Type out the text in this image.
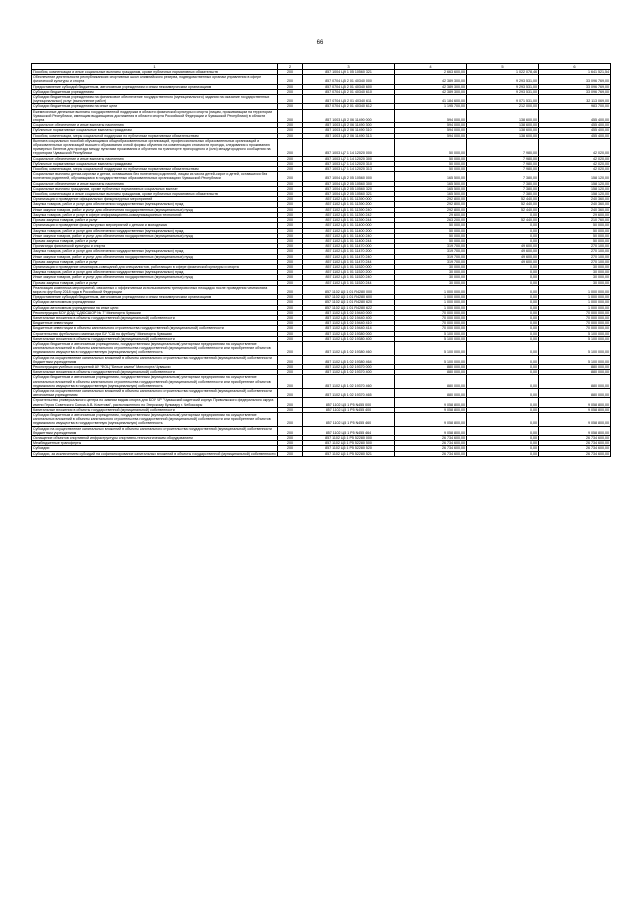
66
1	2	3	4	5	6
Пособия, компенсации и иные социальные выплаты гражданам, кроме публичных нормативных обязательств	200	857 1004 Ц9 1 05 10560 321	2 663 600,00	1 022 078,46	1 641 521,54
Обеспечение деятельности республиканских спортивных школ олимпийского резерва, подведомственных органам управления в сфере физической культуры и спорта	200	857 0704 Ц5 2 01 40340 000	42 389 300,00	9 293 531,00	33 096 769,00
Предоставление субсидий бюджетным, автономным учреждениям и иным некоммерческим организациям	200	857 0704 Ц5 2 01 40340 600	42 389 300,00	9 293 531,00	33 096 769,00
Субсидии бюджетным учреждениям	200	857 0704 Ц5 2 01 40340 610	42 389 300,00	9 293 531,00	33 096 769,00
Субсидии бюджетным учреждениям на финансовое обеспечение государственного (муниципального) задания на оказание государственных (муниципальных) услуг (выполнение работ)	200	857 0704 Ц5 2 01 40340 611	41 184 600,00	9 071 531,00	32 113 069,00
Субсидии бюджетным учреждениям на иные цели	200	857 0704 Ц5 2 01 40340 612	1 195 700,00	212 000,00	983 700,00
Ежемесячные денежные выплаты государственной поддержки в области физической культуры и спорта (лицам, проживающим на территории Чувашской Республики, имеющим выдающиеся достижения в области спорта Российской Федерации и Чувашской Республики) в области спорта	200	857 1003 Ц5 2 06 11490 000	594 000,00	138 600,00	455 400,00
Социальное обеспечение и иные выплаты населению	200	857 1003 Ц5 2 06 11490 300	594 000,00	138 600,00	455 400,00
Публичные нормативные социальные выплаты гражданам	200	857 1003 Ц5 2 06 11490 310	594 000,00	138 600,00	455 400,00
Пособия, компенсации, меры социальной поддержки по публичным нормативным обязательствам	200	857 1003 Ц5 2 06 11490 313	594 000,00	138 600,00	455 400,00
Выплата социальных пособий обучающимся общеобразовательных организаций, профессиональных образовательных организаций и образовательных организаций высшего образования очной формы обучения на компенсацию стоимости проезда, следования к проживанию примерных билетов для проезда между пунктами проживания и обучения на транспорте пригородного и (или) междугородного сообщения на территории Чувашской Республики	200	857 1003 Ц7 1 14 12020 000	50 000,00	7 980,00	42 020,00
Социальное обеспечение и иные выплаты населению	200	857 1003 Ц7 1 14 12020 300	50 000,00	7 980,00	42 020,00
Публичные нормативные социальные выплаты гражданам	200	857 1003 Ц7 1 14 12020 310	50 000,00	7 980,00	42 020,00
Пособия, компенсации, меры социальной поддержки по публичным нормативным обязательствам	200	857 1003 Ц7 1 14 12020 313	50 000,00	7 980,00	42 020,00
Социальные выплаты детям-сиротам и детям, оставшимся без попечения родителей, лицам из числа детей-сирот и детей, оставшихся без попечения родителей, обучающимся в государственных образовательных организациях Чувашской Республики	200	857 1004 Ц5 2 05 10560 000	165 500,00	7 380,00	158 120,00
Социальное обеспечение и иные выплаты населению	200	857 1004 Ц5 2 05 10560 300	165 500,00	7 380,00	158 120,00
Социальные выплаты гражданам, кроме публичных нормативных социальных выплат	200	857 1004 Ц5 2 05 10560 320	165 500,00	7 380,00	158 120,00
Пособия, компенсации и иные социальные выплаты гражданам, кроме публичных нормативных обязательств	200	857 1004 Ц5 2 05 10560 321	165 500,00	7 380,00	158 120,00
Организация и проведение официальных физкультурных мероприятий	200	857 1102 Ц5 1 01 11390 000	292 800,00	52 440,00	240 360,00
Закупка товаров, работ и услуг для обеспечения государственных (муниципальных) нужд	200	857 1102 Ц5 1 01 11390 200	292 800,00	52 440,00	240 360,00
Иные закупки товаров, работ и услуг для обеспечения государственных (муниципальных) нужд	200	857 1102 Ц5 1 01 11390 240	292 800,00	52 440,00	240 360,00
Закупка товаров, работ и услуг в сфере информационно-коммуникационных технологий	200	857 1102 Ц5 1 01 11390 242	29 600,00	0,00	29 600,00
Прочая закупка товаров, работ и услуг	200	857 1102 Ц5 1 01 11390 244	263 200,00	52 440,00	210 760,00
Организация и проведение физкультурных мероприятий с детьми и молодежью	200	857 1102 Ц5 1 01 11400 000	50 000,00	0,00	50 000,00
Закупка товаров, работ и услуг для обеспечения государственных (муниципальных) нужд	200	857 1102 Ц5 1 01 11400 200	50 000,00	0,00	50 000,00
Иные закупки товаров, работ и услуг для обеспечения государственных (муниципальных) нужд	200	857 1102 Ц5 1 01 11400 240	50 000,00	0,00	50 000,00
Прочая закупка товаров, работ и услуг	200	857 1102 Ц5 1 01 11400 244	50 000,00	0,00	50 000,00
Пропаганда физической культуры и спорта	200	857 1102 Ц5 1 01 11470 000	319 700,00	49 600,00	270 100,00
Закупка товаров, работ и услуг для обеспечения государственных (муниципальных) нужд	200	857 1102 Ц5 1 01 11470 200	319 700,00	49 600,00	270 100,00
Иные закупки товаров, работ и услуг для обеспечения государственных (муниципальных) нужд	200	857 1102 Ц5 1 01 11470 240	319 700,00	49 600,00	270 100,00
Прочая закупка товаров, работ и услуг	200	857 1102 Ц5 1 01 11470 244	319 700,00	49 600,00	270 100,00
Организация и проведение семинаров-совещаний для специалистов, работающих в сфере физической культуры и спорта	200	857 1102 Ц5 1 01 11520 000	30 000,00	0,00	30 000,00
Закупка товаров, работ и услуг для обеспечения государственных (муниципальных) нужд	200	857 1102 Ц5 1 01 11520 200	30 000,00	0,00	30 000,00
Иные закупки товаров, работ и услуг для обеспечения государственных (муниципальных) нужд	200	857 1102 Ц5 1 01 11520 240	30 000,00	0,00	30 000,00
Прочая закупка товаров, работ и услуг	200	857 1102 Ц5 1 01 11520 244	30 000,00	0,00	30 000,00
Реализация комплекса мероприятий, связанных с эффективным использованием тренировочных площадок после проведения чемпионата мира по футболу 2018 года в Российской Федерации	200	857 1102 Ц5 1 01 R4280 000	1 000 000,00	0,00	1 000 000,00
Предоставление субсидий бюджетным, автономным учреждениям и иным некоммерческим организациям	200	857 1102 Ц5 1 01 R4280 600	1 000 000,00	0,00	1 000 000,00
Субсидии автономным учреждениям	200	857 1102 Ц5 1 01 R4280 620	1 000 000,00	0,00	1 000 000,00
Субсидии автономным учреждениям на иные цели	200	857 1102 Ц5 1 01 R4280 622	1 000 000,00	0,00	1 000 000,00
Реконструкция БОУ ДОД "СДЮСШОР № 7" Минспорта Чувашии	200	857 1102 Ц5 1 02 19440 000	70 000 000,00	0,00	70 000 000,00
Капитальные вложения в объекты государственной (муниципальной) собственности	200	857 1102 Ц5 1 02 19440 400	70 000 000,00	0,00	70 000 000,00
Бюджетные инвестиции	200	857 1102 Ц5 1 02 19440 410	70 000 000,00	0,00	70 000 000,00
Бюджетные инвестиции в объекты капитального строительства государственной (муниципальной) собственности	200	857 1102 Ц5 1 02 19440 414	70 000 000,00	0,00	70 000 000,00
Строительство футбольного манежа при БУ "СШ по футболу" Минспорта Чувашии	200	857 1102 Ц5 1 02 19380 000	5 100 000,00	0,00	5 100 000,00
Капитальные вложения в объекты государственной (муниципальной) собственности	200	857 1102 Ц5 1 02 19380 400	5 100 000,00	0,00	5 100 000,00
Субсидии бюджетным и автономным учреждениям, государственным (муниципальным) унитарным предприятиям на осуществление капитальных вложений в объекты капитального строительства государственной (муниципальной) собственности или приобретение объектов недвижимого имущества в государственную (муниципальную) собственность	200	857 1102 Ц5 1 02 19380 460	5 100 000,00	0,00	5 100 000,00
Субсидии на осуществление капитальных вложений в объекты капитального строительства государственной (муниципальной) собственности бюджетным учреждениям	200	857 1102 Ц5 1 02 19380 464	5 100 000,00	0,00	5 100 000,00
Реконструкция учебных сооружений АУ "ФОЦ "Белые камни" Минспорта Чувашии	200	857 1102 Ц5 1 02 19370 000	880 000,00	0,00	880 000,00
Капитальные вложения в объекты государственной (муниципальной) собственности	200	857 1102 Ц5 1 02 19370 400	880 000,00	0,00	880 000,00
Субсидии бюджетным и автономным учреждениям, государственным (муниципальным) унитарным предприятиям на осуществление капитальных вложений в объекты капитального строительства государственной (муниципальной) собственности или приобретение объектов недвижимого имущества в государственную (муниципальную) собственность	200	857 1102 Ц5 1 02 19370 460	880 000,00	0,00	880 000,00
Субсидии на осуществление капитальных вложений в объекты капитального строительства государственной (муниципальной) собственности автономным учреждениям	200	857 1102 Ц5 1 02 19370 465	880 000,00	0,00	880 000,00
Строительство универсального центра по зимним видам спорта для БОУ ЧР "Чувашский кадетский корпус Приволжского федерального округа имени Героя Советского Союза А.В. Кочетова", расположенного по Эгерскому бульвару г. Чебоксары	200	857 1102 Ц5 1 P5 N455 000	9 058 800,00	0,00	9 058 800,00
Капитальные вложения в объекты государственной (муниципальной) собственности	200	857 1102 Ц5 1 P5 N455 400	9 058 800,00	0,00	9 058 800,00
Субсидии бюджетным и автономным учреждениям, государственным (муниципальным) унитарным предприятиям на осуществление капитальных вложений в объекты капитального строительства государственной (муниципальной) собственности или приобретение объектов недвижимого имущества в государственную (муниципальную) собственность	200	857 1102 Ц5 1 P5 N455 460	9 058 800,00	0,00	9 058 800,00
Субсидии на осуществление капитальных вложений в объекты капитального строительства государственной (муниципальной) собственности бюджетным учреждениям	200	857 1102 Ц5 1 P5 N455 464	9 058 800,00	0,00	9 058 800,00
Оснащение объектов спортивной инфраструктуры спортивно-технологическим оборудованием	200	857 1102 Ц5 1 P5 52280 000	26 734 600,00	0,00	26 734 600,00
Межбюджетные трансферты	200	857 1102 Ц5 1 P5 52280 500	26 734 600,00	0,00	26 734 600,00
Субсидии	200	857 1102 Ц5 1 P5 52280 520	26 734 600,00	0,00	26 734 600,00
Субсидии, за исключением субсидий на софинансирование капитальных вложений в объекты государственной (муниципальной) собственности	200	857 1102 Ц5 1 P5 52280 521	26 734 600,00	0,00	26 734 600,00
